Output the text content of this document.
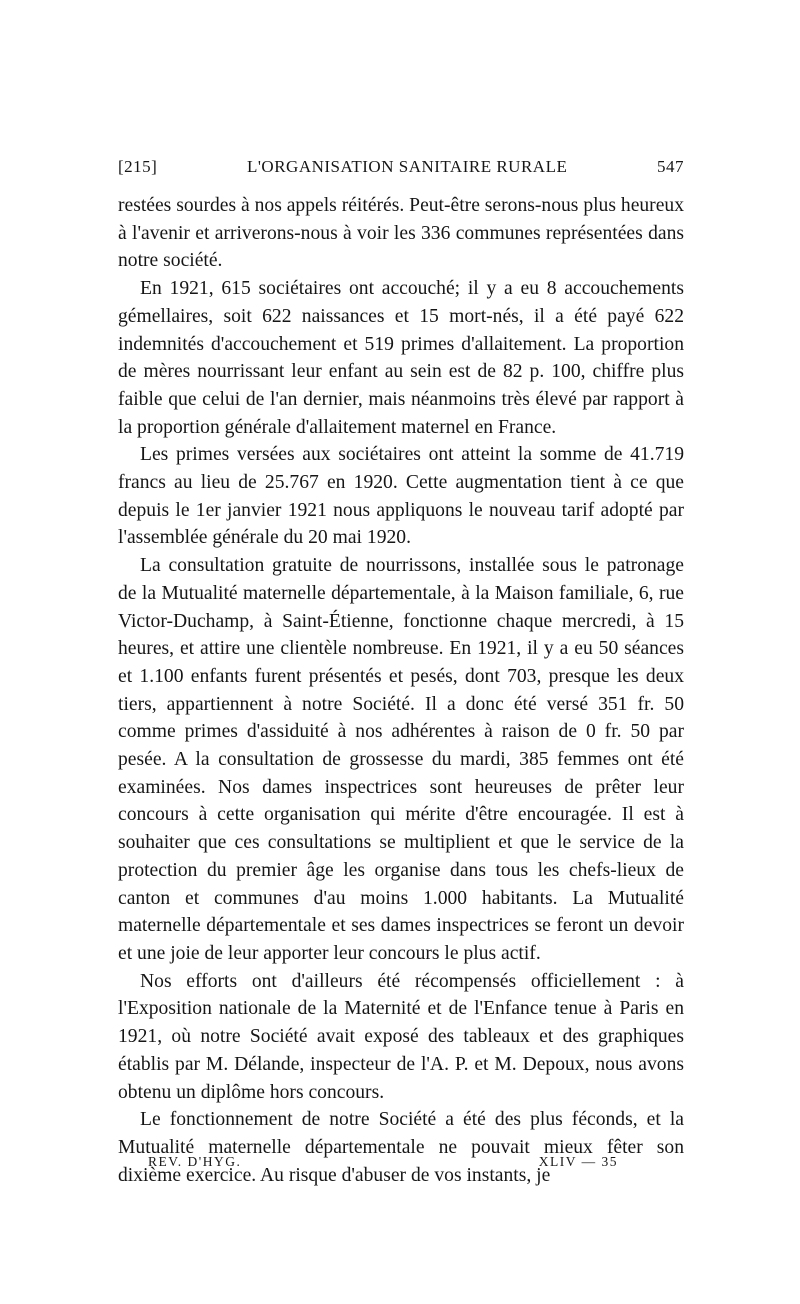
[215]	L'ORGANISATION SANITAIRE RURALE	547

restées sourdes à nos appels réitérés. Peut-être serons-nous plus heureux à l'avenir et arriverons-nous à voir les 336 communes représentées dans notre société.

En 1921, 615 sociétaires ont accouché; il y a eu 8 accouchements gémellaires, soit 622 naissances et 15 mort-nés, il a été payé 622 indemnités d'accouchement et 519 primes d'allaitement. La proportion de mères nourrissant leur enfant au sein est de 82 p. 100, chiffre plus faible que celui de l'an dernier, mais néanmoins très élevé par rapport à la proportion générale d'allaitement maternel en France.

Les primes versées aux sociétaires ont atteint la somme de 41.719 francs au lieu de 25.767 en 1920. Cette augmentation tient à ce que depuis le 1er janvier 1921 nous appliquons le nouveau tarif adopté par l'assemblée générale du 20 mai 1920.

La consultation gratuite de nourrissons, installée sous le patronage de la Mutualité maternelle départementale, à la Maison familiale, 6, rue Victor-Duchamp, à Saint-Étienne, fonctionne chaque mercredi, à 15 heures, et attire une clientèle nombreuse. En 1921, il y a eu 50 séances et 1.100 enfants furent présentés et pesés, dont 703, presque les deux tiers, appartiennent à notre Société. Il a donc été versé 351 fr. 50 comme primes d'assiduité à nos adhérentes à raison de 0 fr. 50 par pesée. A la consultation de grossesse du mardi, 385 femmes ont été examinées. Nos dames inspectrices sont heureuses de prêter leur concours à cette organisation qui mérite d'être encouragée. Il est à souhaiter que ces consultations se multiplient et que le service de la protection du premier âge les organise dans tous les chefs-lieux de canton et communes d'au moins 1.000 habitants. La Mutualité maternelle départementale et ses dames inspectrices se feront un devoir et une joie de leur apporter leur concours le plus actif.

Nos efforts ont d'ailleurs été récompensés officiellement : à l'Exposition nationale de la Maternité et de l'Enfance tenue à Paris en 1921, où notre Société avait exposé des tableaux et des graphiques établis par M. Délande, inspecteur de l'A. P. et M. Depoux, nous avons obtenu un diplôme hors concours.

Le fonctionnement de notre Société a été des plus féconds, et la Mutualité maternelle départementale ne pouvait mieux fêter son dixième exercice. Au risque d'abuser de vos instants, je

REV. D'HYG.	XLIV — 35
